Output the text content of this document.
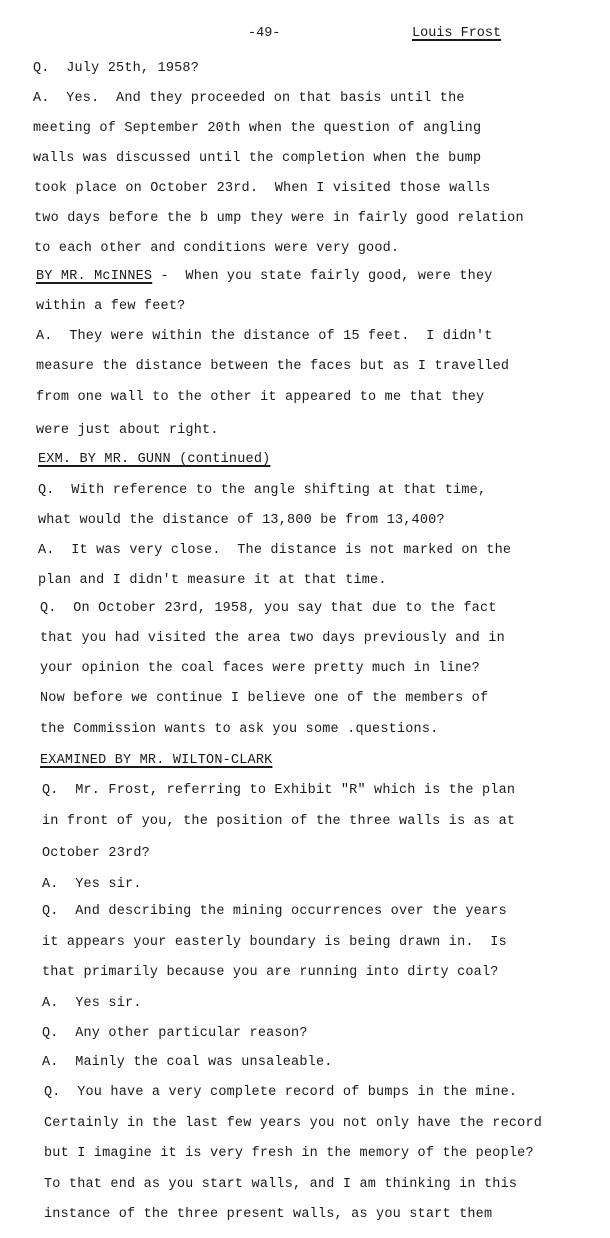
-49-	Louis Frost
Q.  July 25th, 1958?
A.  Yes.  And they proceeded on that basis until the
meeting of September 20th when the question of angling
walls was discussed until the completion when the bump
took place on October 23rd.  When I visited those walls
two days before the b ump they were in fairly good relation
to each other and conditions were very good.
BY MR. McINNES -  When you state fairly good, were they
within a few feet?
A.  They were within the distance of 15 feet.  I didn't
measure the distance between the faces but as I travelled
from one wall to the other it appeared to me that they
were just about right.
EXM. BY MR. GUNN (continued)
Q.  With reference to the angle shifting at that time,
what would the distance of 13,800 be from 13,400?
A.  It was very close.  The distance is not marked on the
plan and I didn't measure it at that time.
Q.  On October 23rd, 1958, you say that due to the fact
that you had visited the area two days previously and in
your opinion the coal faces were pretty much in line?
Now before we continue I believe one of the members of
the Commission wants to ask you some .questions.
EXAMINED BY MR. WILTON-CLARK
Q.  Mr. Frost, referring to Exhibit "R" which is the plan
in front of you, the position of the three walls is as at
October 23rd?
A.  Yes sir.
Q.  And describing the mining occurrences over the years
it appears your easterly boundary is being drawn in.  Is
that primarily because you are running into dirty coal?
A.  Yes sir.
Q.  Any other particular reason?
A.  Mainly the coal was unsaleable.
Q.  You have a very complete record of bumps in the mine.
Certainly in the last few years you not only have the record
but I imagine it is very fresh in the memory of the people?
To that end as you start walls, and I am thinking in this
instance of the three present walls, as you start them
